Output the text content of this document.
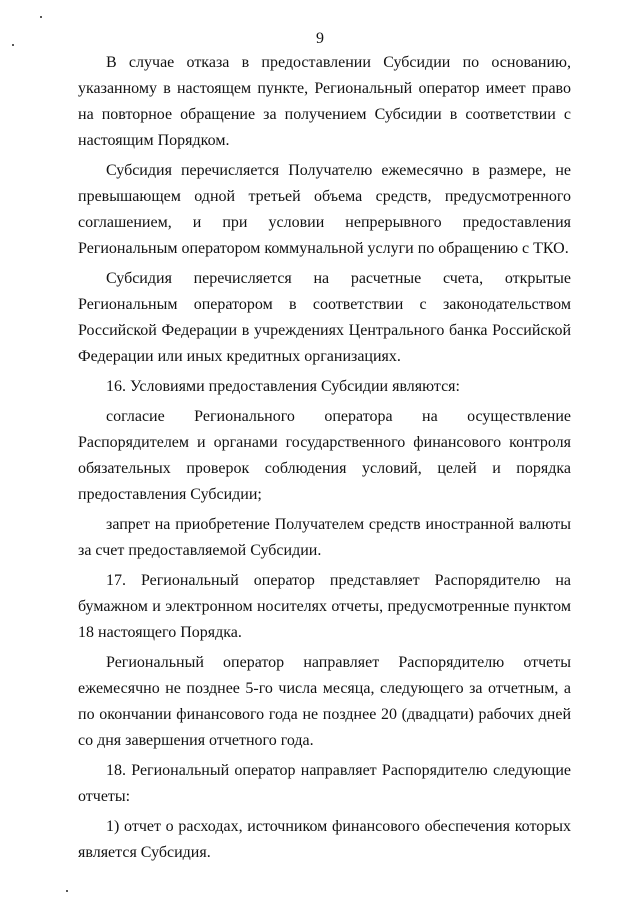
9

В случае отказа в предоставлении Субсидии по основанию, указанному в настоящем пункте, Региональный оператор имеет право на повторное обращение за получением Субсидии в соответствии с настоящим Порядком.

Субсидия перечисляется Получателю ежемесячно в размере, не превышающем одной третьей объема средств, предусмотренного соглашением, и при условии непрерывного предоставления Региональным оператором коммунальной услуги по обращению с ТКО.

Субсидия перечисляется на расчетные счета, открытые Региональным оператором в соответствии с законодательством Российской Федерации в учреждениях Центрального банка Российской Федерации или иных кредитных организациях.

16. Условиями предоставления Субсидии являются:

согласие Регионального оператора на осуществление Распорядителем и органами государственного финансового контроля обязательных проверок соблюдения условий, целей и порядка предоставления Субсидии;

запрет на приобретение Получателем средств иностранной валюты за счет предоставляемой Субсидии.

17. Региональный оператор представляет Распорядителю на бумажном и электронном носителях отчеты, предусмотренные пунктом 18 настоящего Порядка.

Региональный оператор направляет Распорядителю отчеты ежемесячно не позднее 5-го числа месяца, следующего за отчетным, а по окончании финансового года не позднее 20 (двадцати) рабочих дней со дня завершения отчетного года.

18. Региональный оператор направляет Распорядителю следующие отчеты:

1) отчет о расходах, источником финансового обеспечения которых является Субсидия.
